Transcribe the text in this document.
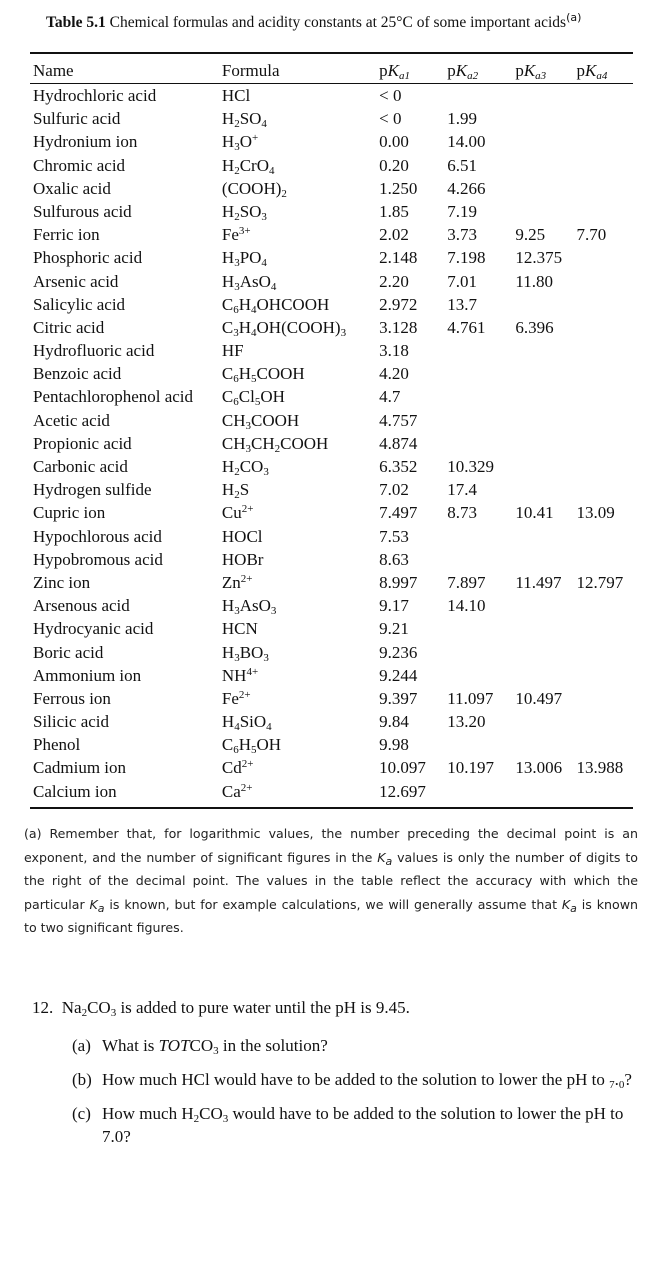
Table 5.1 Chemical formulas and acidity constants at 25°C of some important acids$^{(a)}$
Name	Formula	$pK_{a1}$	$pK_{a2}$	$pK_{a3}$	$pK_{a4}$
Hydrochloric acid	HCl	< 0			
Sulfuric acid	$H_2SO_4$	< 0	1.99		
Hydronium ion	$H_3O^+$	0.00	14.00		
Chromic acid	$H_2CrO_4$	0.20	6.51		
Oxalic acid	$(COOH)_2$	1.250	4.266		
Sulfurous acid	$H_2SO_3$	1.85	7.19		
Ferric ion	$Fe^{3+}$	2.02	3.73	9.25	7.70
Phosphoric acid	$H_3PO_4$	2.148	7.198	12.375	
Arsenic acid	$H_3AsO_4$	2.20	7.01	11.80	
Salicylic acid	$C_6H_4OHCOOH$	2.972	13.7		
Citric acid	$C_3H_4OH(COOH)_3$	3.128	4.761	6.396	
Hydrofluoric acid	HF	3.18			
Benzoic acid	$C_6H_5COOH$	4.20			
Pentachlorophenol acid	$C_6Cl_5OH$	4.7			
Acetic acid	$CH_3COOH$	4.757			
Propionic acid	$CH_3CH_2COOH$	4.874			
Carbonic acid	$H_2CO_3$	6.352	10.329		
Hydrogen sulfide	$H_2S$	7.02	17.4		
Cupric ion	$Cu^{2+}$	7.497	8.73	10.41	13.09
Hypochlorous acid	HOCl	7.53			
Hypobromous acid	HOBr	8.63			
Zinc ion	$Zn^{2+}$	8.997	7.897	11.497	12.797
Arsenous acid	$H_3AsO_3$	9.17	14.10		
Hydrocyanic acid	HCN	9.21			
Boric acid	$H_3BO_3$	9.236			
Ammonium ion	$NH^{4+}$	9.244			
Ferrous ion	$Fe^{2+}$	9.397	11.097	10.497	
Silicic acid	$H_4SiO_4$	9.84	13.20		
Phenol	$C_6H_5OH$	9.98			
Cadmium ion	$Cd^{2+}$	10.097	10.197	13.006	13.988
Calcium ion	$Ca^{2+}$	12.697			
(a) Remember that, for logarithmic values, the number preceding the decimal point is an exponent, and the number of significant figures in the $K_a$ values is only the number of digits to the right of the decimal point. The values in the table reflect the accuracy with which the particular $K_a$ is known, but for example calculations, we will generally assume that $K_a$ is known to two significant figures.
12. $Na_2CO_3$ is added to pure water until the pH is 9.45.
(a) What is $TOTCO_3$ in the solution?
(b) How much HCl would have to be added to the solution to lower the pH to $_7._0$?
(c) How much $H_2CO_3$ would have to be added to the solution to lower the pH to 7.0?
